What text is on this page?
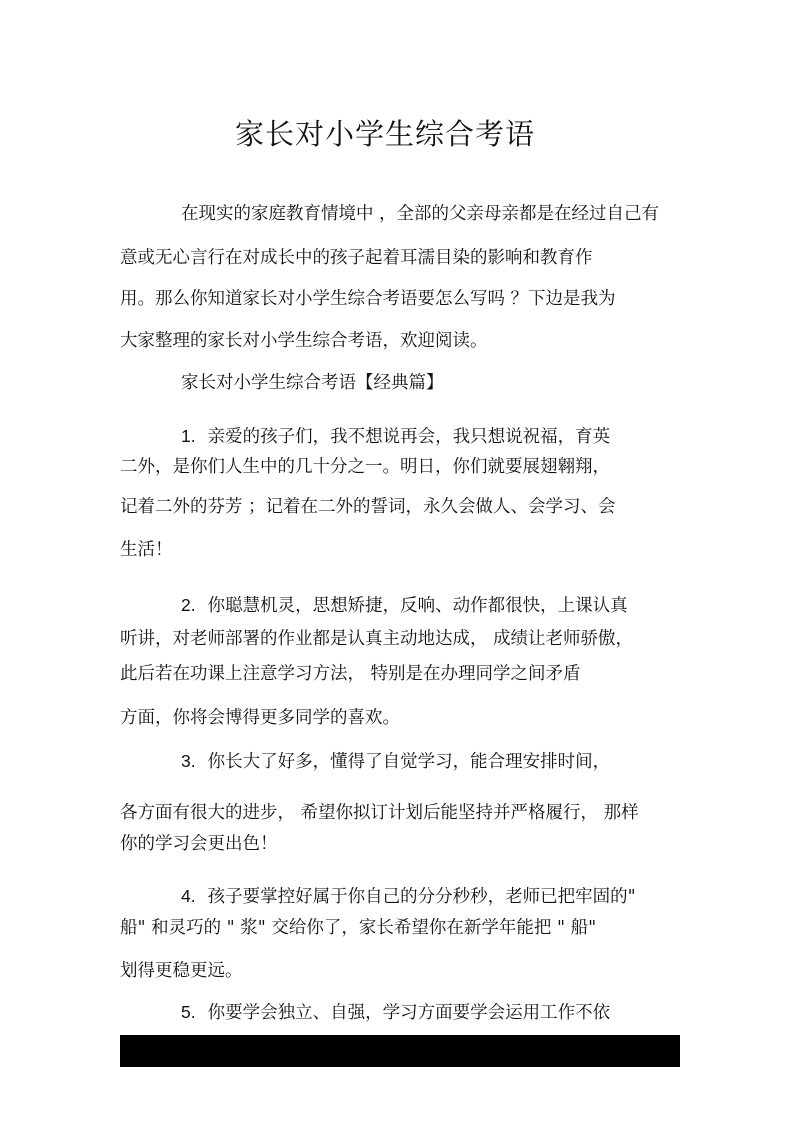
家长对小学生综合考语
在现实的家庭教育情境中 ，全部的父亲母亲都是在经过自己有
意或无心言行在对成长中的孩子起着耳濡目染的影响和教育作
用。那么你知道家长对小学生综合考语要怎么写吗 ？下边是我为
大家整理的家长对小学生综合考语，欢迎阅读。
家长对小学生综合考语【经典篇】
1. 亲爱的孩子们，我不想说再会，我只想说祝福，育英
二外，是你们人生中的几十分之一。明日，你们就要展翅翱翔，
记着二外的芬芳 ；记着在二外的誓词，永久会做人、会学习、会
生活！
2. 你聪慧机灵，思想矫捷，反响、动作都很快，上课认真
听讲，对老师部署的作业都是认真主动地达成， 成绩让老师骄傲，
此后若在功课上注意学习方法， 特别是在办理同学之间矛盾
方面，你将会博得更多同学的喜欢。
3. 你长大了好多，懂得了自觉学习，能合理安排时间，
各方面有很大的进步， 希望你拟订计划后能坚持并严格履行， 那样
你的学习会更出色！
4. 孩子要掌控好属于你自己的分分秒秒，老师已把牢固的"
船" 和灵巧的 " 浆" 交给你了，家长希望你在新学年能把 " 船"
划得更稳更远。
5. 你要学会独立、自强，学习方面要学会运用工作不依
